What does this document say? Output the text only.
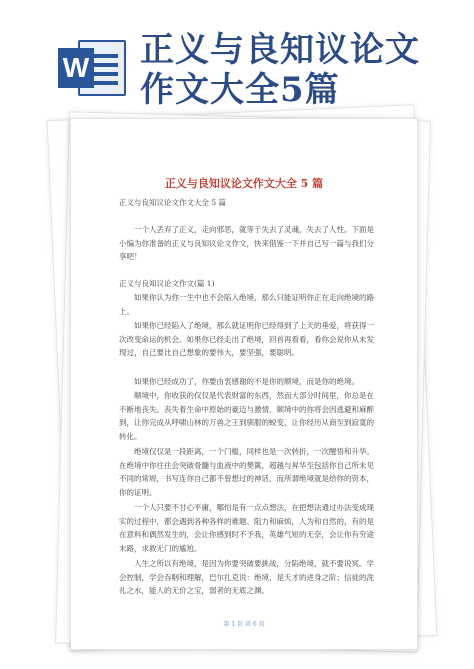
W 正义与良知议论文
作文大全5篇
正义与良知议论文作文大全 5 篇
正义与良知议论文作文大全 5 篇
一个人丢弃了正义，走向邪恶，就等于失去了灵魂，失去了人性。下面是小编为你准备的正义与良知议论文作文，快来借鉴一下并自己写一篇与我们分享吧！
正义与良知议论文作文(篇 1)
如果你认为你一生中也不会陷入绝境，那么只能证明你正在走向绝境的路上。
如果你已经陷入了绝境，那么就证明你已经得到了上天的垂爱，将获得一次改变命运的机会。如果你已经走出了绝境，回首再看看，看你会说你从未发现过，自己要比自己想象的要伟大，要坚强，要聪明。
如果你已经成功了，你要由衷感谢的不是你的顺境，而是你的绝境。
顺境中，你收获的仅仅是代表财富的东西，然而大部分时间里，你总是在不断地丧失。丧失着生命中原始的豪迈与激情，顺境中的你将会因逃避和麻醉到，让你完成从呼啸山林的万兽之王到驯服的蜕变，让你经历从商至到寂寞的转化。
绝境仅仅是一段距离，一个门槛，同样也是一次转折，一次醒悟和升华。在绝境中你往往会突破骨髓与血液中的樊篱，超越与昇华至包括你自己所未见不同的常规，书写连你自己都不曾想过的神话，而所谓绝境就是给你的资本，你的证明。
一个人只要不甘心平庸，哪怕是有一点点想法，在把想法通过办法变成现实的过程中，都会遇到各种各样的难题、阻力和麻烦，人为和自然的，有的是在意料和偶然发生的，会让你感到时不予我，英雄气短的无奈，会让你有穷途末路，求救无门的尴尬。
人生之所以有绝境，是因为你要突破要挑战，分陷绝境，就不要说冥。学会控制，学会吞咽和理解，巴尔扎克说：绝境，是天才的进身之阶；信徒的洗礼之水，能人的无价之宝，弱者的无底之渊。
第 1 页 共 6 页
